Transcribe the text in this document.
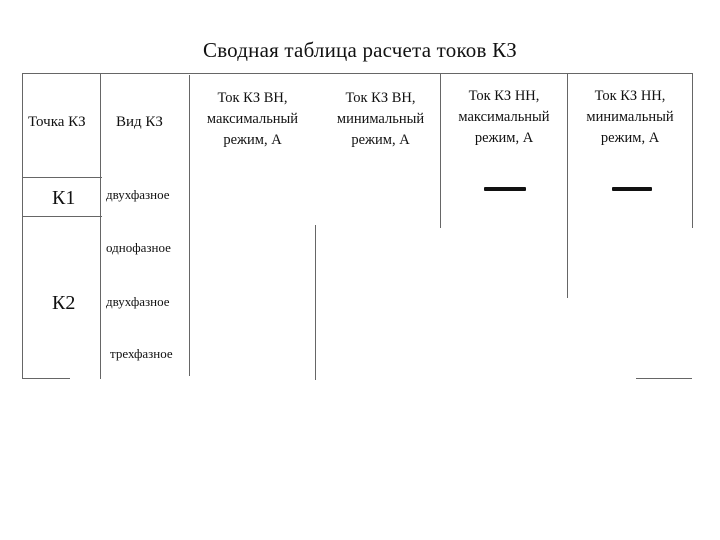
Сводная таблица расчета токов КЗ
Точка КЗ Вид КЗ
Ток КЗ ВН,
максимальный
режим, А
Ток КЗ ВН,
минимальный
режим, А
Ток КЗ НН,
максимальный
режим, А
Ток КЗ НН,
минимальный
режим, А
К1
К2
двухфазное
однофазное
двухфазное
трехфазное
